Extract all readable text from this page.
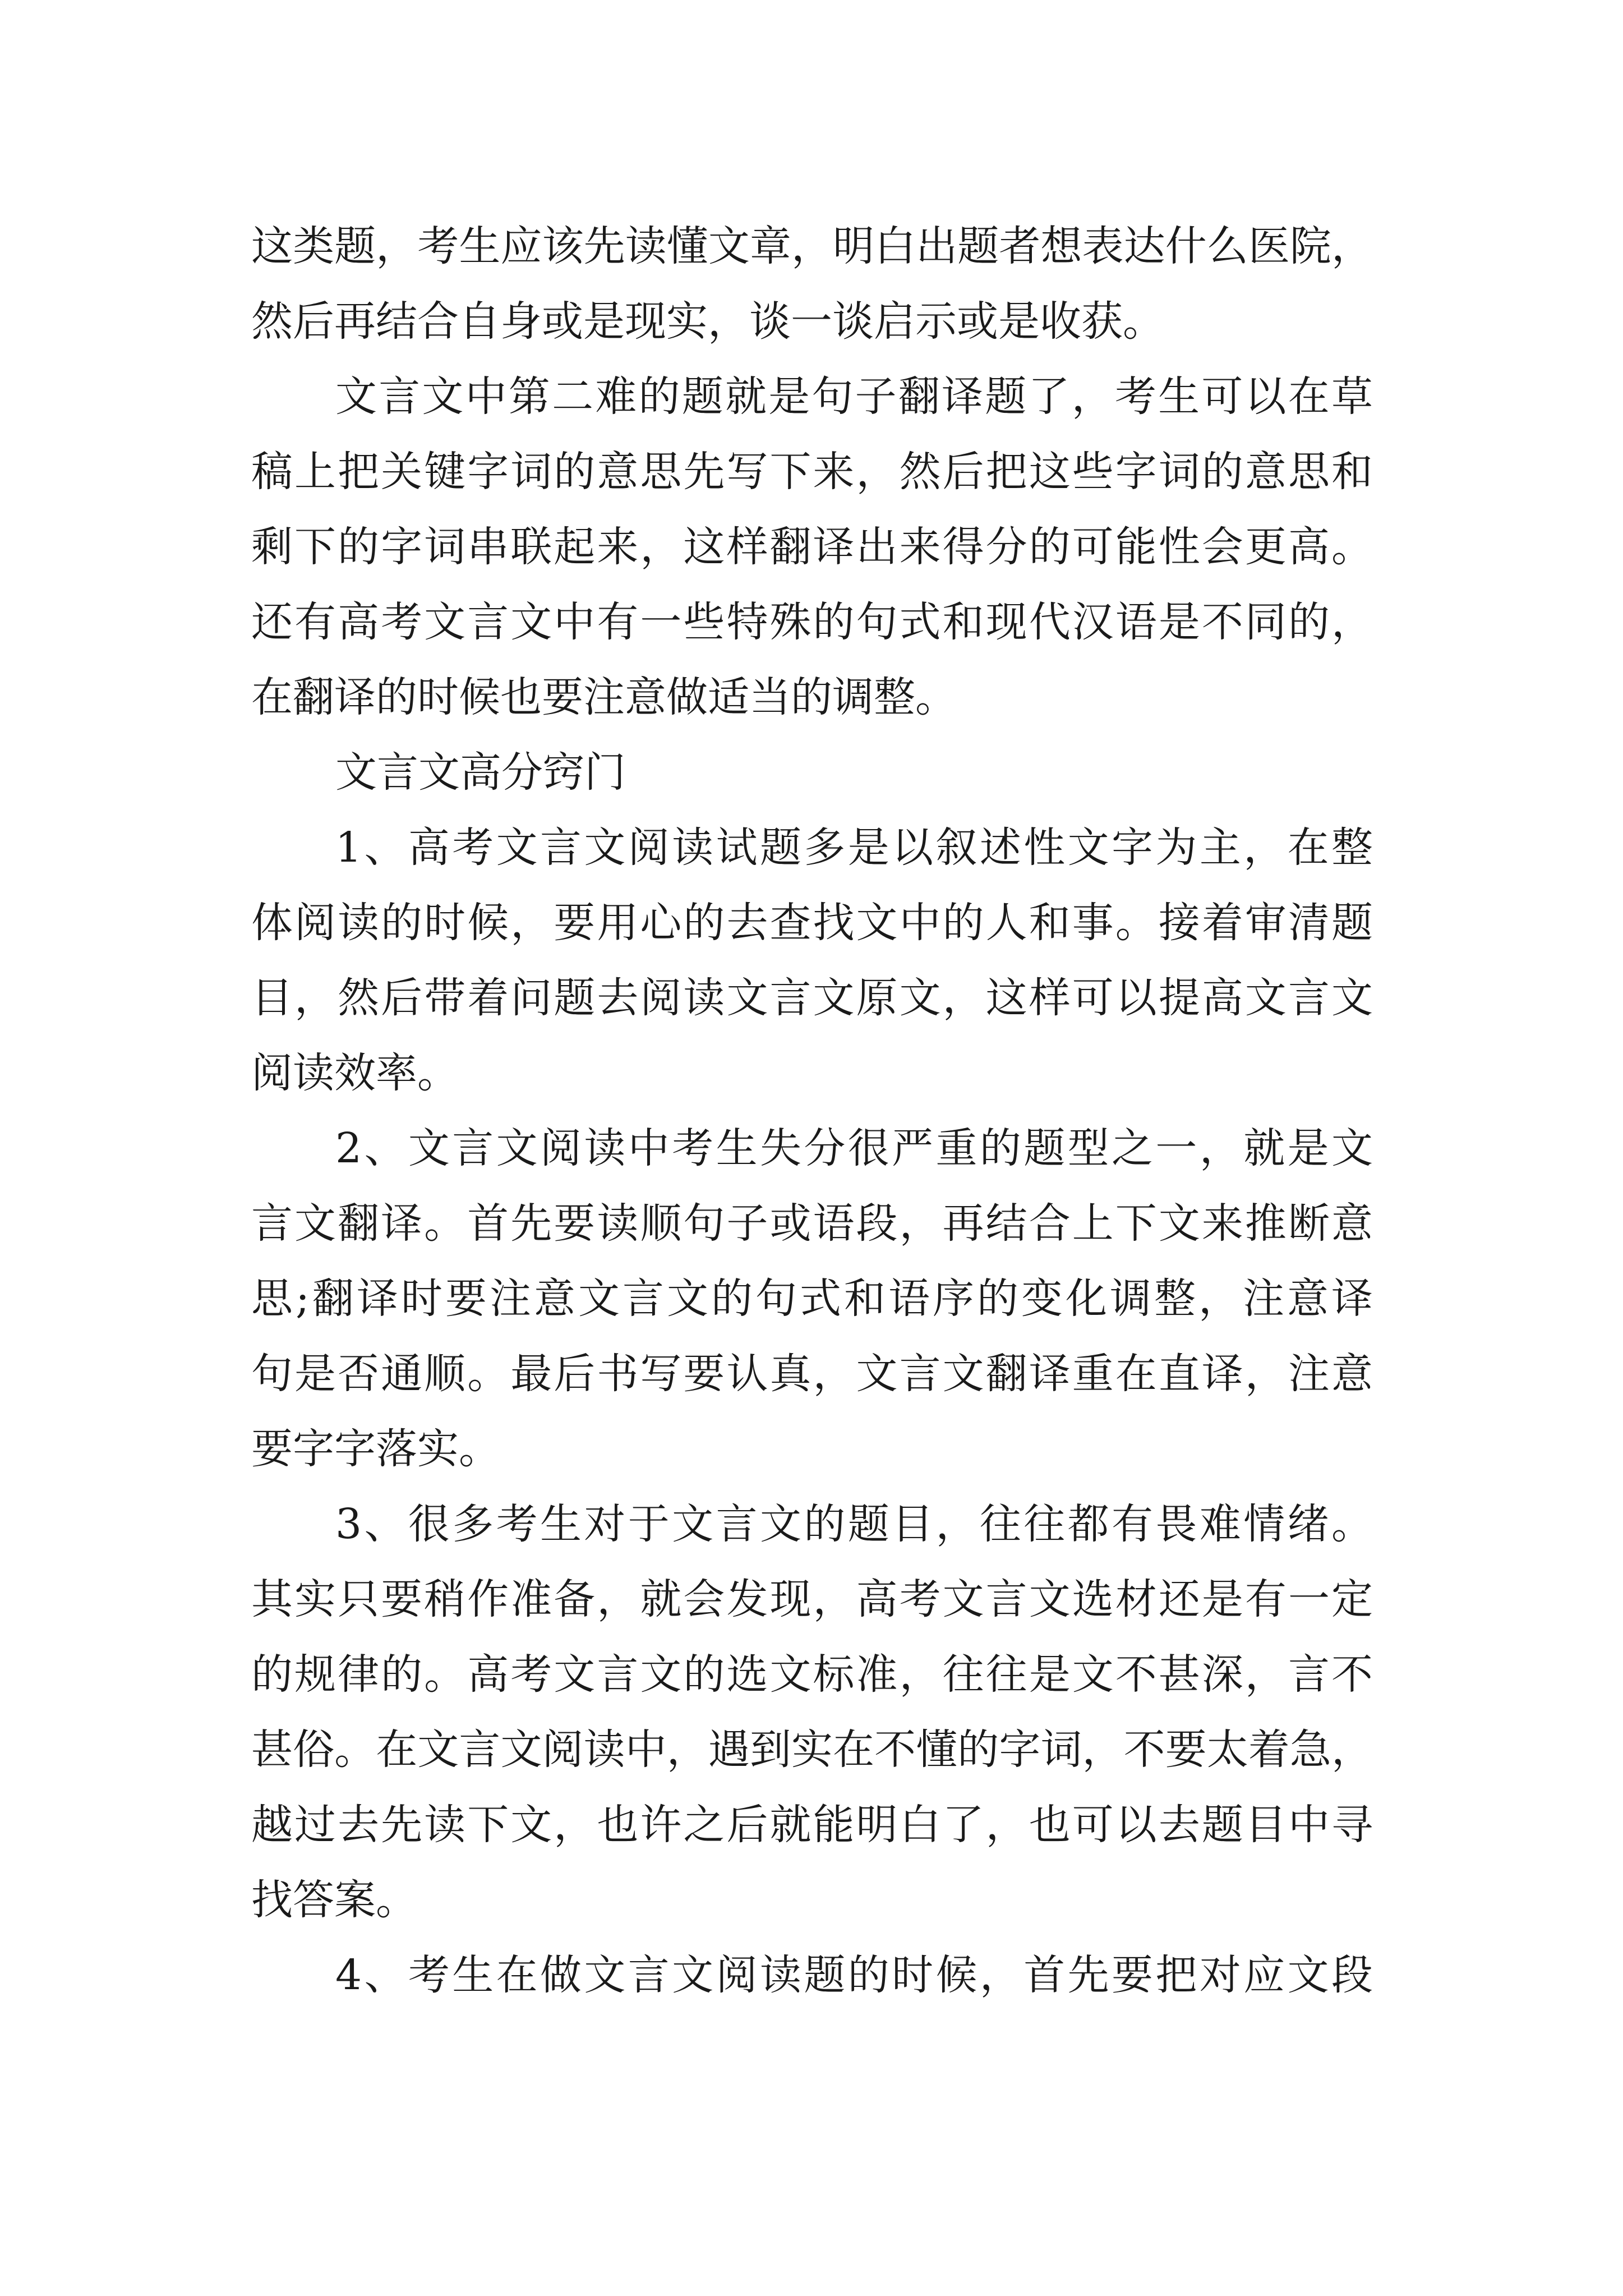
这类题，考生应该先读懂文章，明白出题者想表达什么医院，
然后再结合自身或是现实，谈一谈启示或是收获。
文言文中第二难的题就是句子翻译题了，考生可以在草
稿上把关键字词的意思先写下来，然后把这些字词的意思和
剩下的字词串联起来，这样翻译出来得分的可能性会更高。
还有高考文言文中有一些特殊的句式和现代汉语是不同的，
在翻译的时候也要注意做适当的调整。
文言文高分窍门
1、高考文言文阅读试题多是以叙述性文字为主，在整
体阅读的时候，要用心的去查找文中的人和事。接着审清题
目，然后带着问题去阅读文言文原文，这样可以提高文言文
阅读效率。
2、文言文阅读中考生失分很严重的题型之一，就是文
言文翻译。首先要读顺句子或语段，再结合上下文来推断意
思;翻译时要注意文言文的句式和语序的变化调整，注意译
句是否通顺。最后书写要认真，文言文翻译重在直译，注意
要字字落实。
3、很多考生对于文言文的题目，往往都有畏难情绪。
其实只要稍作准备，就会发现，高考文言文选材还是有一定
的规律的。高考文言文的选文标准，往往是文不甚深，言不
甚俗。在文言文阅读中，遇到实在不懂的字词，不要太着急，
越过去先读下文，也许之后就能明白了，也可以去题目中寻
找答案。
4、考生在做文言文阅读题的时候，首先要把对应文段
